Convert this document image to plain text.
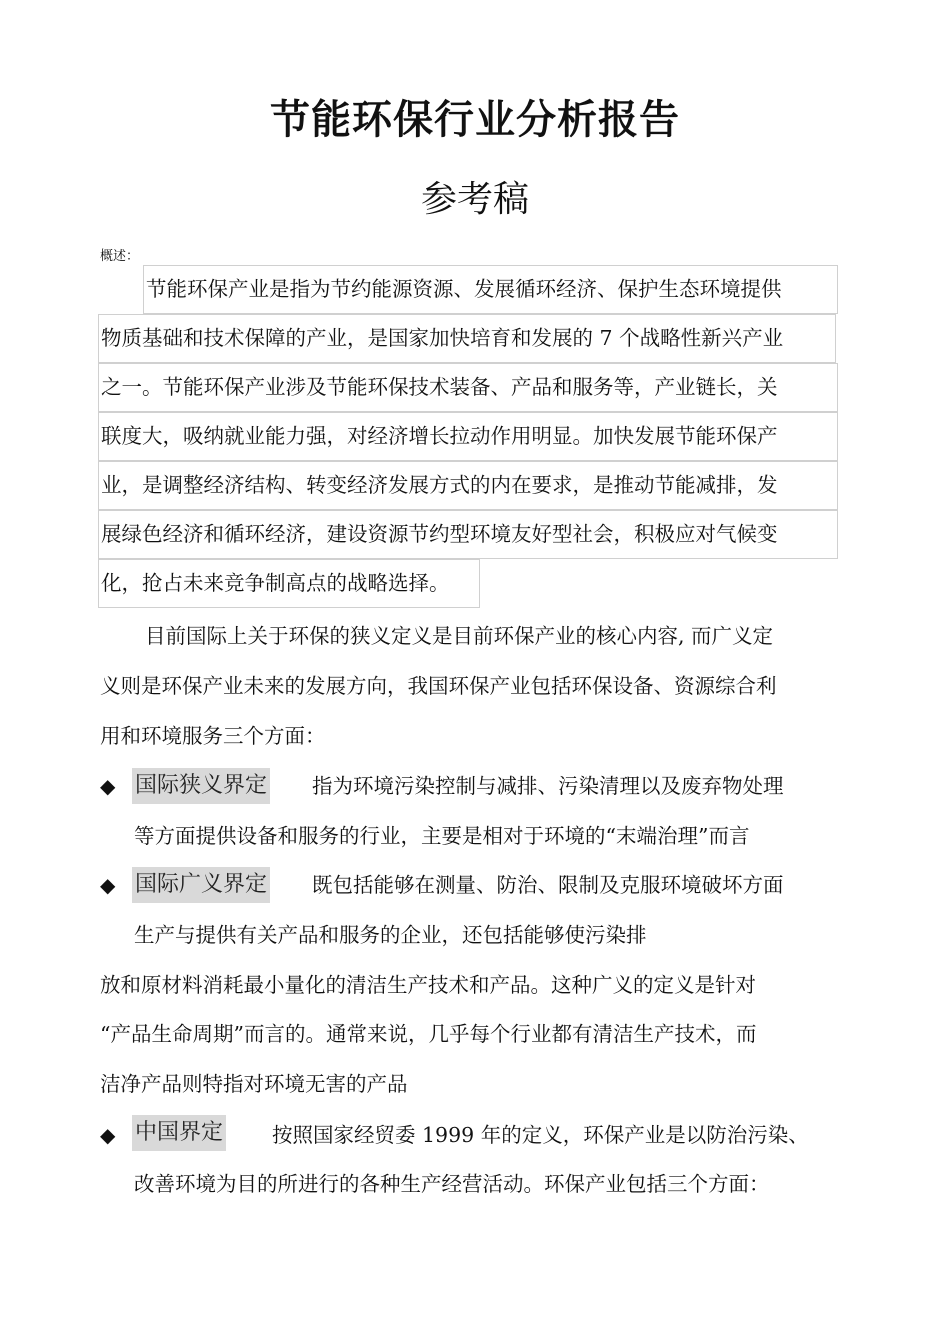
节能环保行业分析报告
参考稿
概述：
节能环保产业是指为节约能源资源、发展循环经济、保护生态环境提供
物质基础和技术保障的产业，是国家加快培育和发展的 7 个战略性新兴产业
之一。节能环保产业涉及节能环保技术装备、产品和服务等，产业链长，关
联度大，吸纳就业能力强，对经济增长拉动作用明显。加快发展节能环保产
业，是调整经济结构、转变经济发展方式的内在要求，是推动节能减排，发
展绿色经济和循环经济，建设资源节约型环境友好型社会，积极应对气候变
化，抢占未来竞争制高点的战略选择。
目前国际上关于环保的狭义定义是目前环保产业的核心内容, 而广义定
义则是环保产业未来的发展方向，我国环保产业包括环保设备、资源综合利
用和环境服务三个方面：
◆ 国际狭义界定 指为环境污染控制与减排、污染清理以及废弃物处理
等方面提供设备和服务的行业，主要是相对于环境的“末端治理”而言
◆ 国际广义界定 既包括能够在测量、防治、限制及克服环境破坏方面
生产与提供有关产品和服务的企业，还包括能够使污染排
放和原材料消耗最小量化的清洁生产技术和产品。这种广义的定义是针对
“产品生命周期”而言的。通常来说，几乎每个行业都有清洁生产技术，而
洁净产品则特指对环境无害的产品
◆ 中国界定 按照国家经贸委 1999 年的定义，环保产业是以防治污染、
改善环境为目的所进行的各种生产经营活动。环保产业包括三个方面：
